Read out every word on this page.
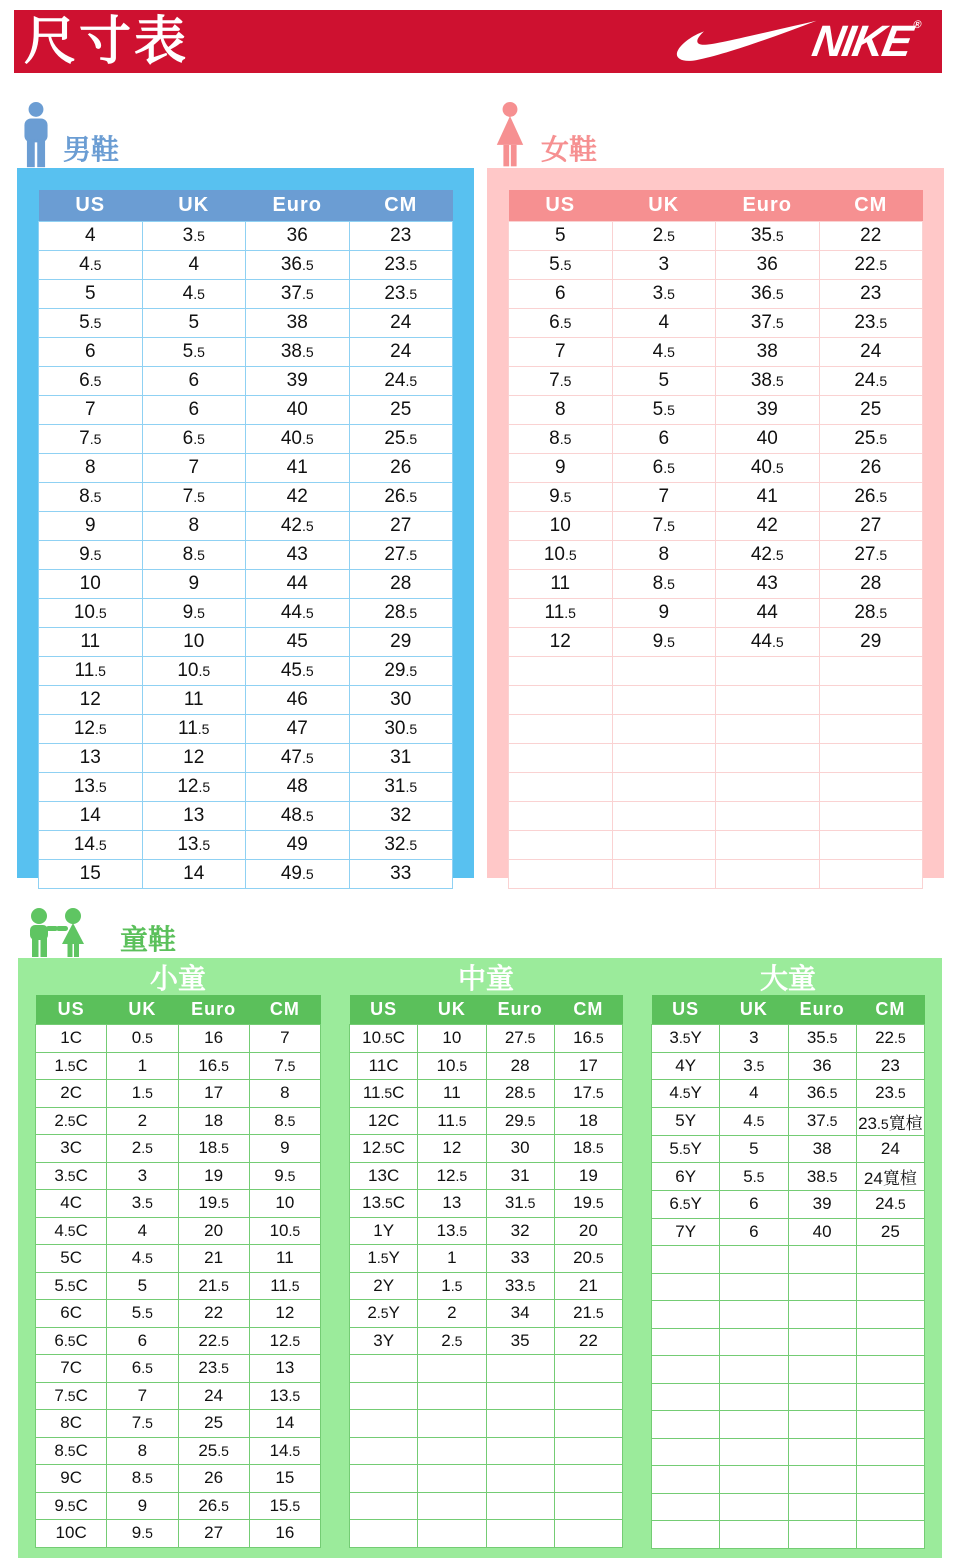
尺寸表	NIKE®
男鞋
US	UK	Euro	CM
4	3.5	36	23
4.5	4	36.5	23.5
5	4.5	37.5	23.5
5.5	5	38	24
6	5.5	38.5	24
6.5	6	39	24.5
7	6	40	25
7.5	6.5	40.5	25.5
8	7	41	26
8.5	7.5	42	26.5
9	8	42.5	27
9.5	8.5	43	27.5
10	9	44	28
10.5	9.5	44.5	28.5
11	10	45	29
11.5	10.5	45.5	29.5
12	11	46	30
12.5	11.5	47	30.5
13	12	47.5	31
13.5	12.5	48	31.5
14	13	48.5	32
14.5	13.5	49	32.5
15	14	49.5	33
女鞋
US	UK	Euro	CM
5	2.5	35.5	22
5.5	3	36	22.5
6	3.5	36.5	23
6.5	4	37.5	23.5
7	4.5	38	24
7.5	5	38.5	24.5
8	5.5	39	25
8.5	6	40	25.5
9	6.5	40.5	26
9.5	7	41	26.5
10	7.5	42	27
10.5	8	42.5	27.5
11	8.5	43	28
11.5	9	44	28.5
12	9.5	44.5	29

童鞋
小童
US	UK	Euro	CM
1C	0.5	16	7
1.5C	1	16.5	7.5
2C	1.5	17	8
2.5C	2	18	8.5
3C	2.5	18.5	9
3.5C	3	19	9.5
4C	3.5	19.5	10
4.5C	4	20	10.5
5C	4.5	21	11
5.5C	5	21.5	11.5
6C	5.5	22	12
6.5C	6	22.5	12.5
7C	6.5	23.5	13
7.5C	7	24	13.5
8C	7.5	25	14
8.5C	8	25.5	14.5
9C	8.5	26	15
9.5C	9	26.5	15.5
10C	9.5	27	16
中童
US	UK	Euro	CM
10.5C	10	27.5	16.5
11C	10.5	28	17
11.5C	11	28.5	17.5
12C	11.5	29.5	18
12.5C	12	30	18.5
13C	12.5	31	19
13.5C	13	31.5	19.5
1Y	13.5	32	20
1.5Y	1	33	20.5
2Y	1.5	33.5	21
2.5Y	2	34	21.5
3Y	2.5	35	22

大童
US	UK	Euro	CM
3.5Y	3	35.5	22.5
4Y	3.5	36	23
4.5Y	4	36.5	23.5
5Y	4.5	37.5	23.5寬楦
5.5Y	5	38	24
6Y	5.5	38.5	24寬楦
6.5Y	6	39	24.5
7Y	6	40	25
